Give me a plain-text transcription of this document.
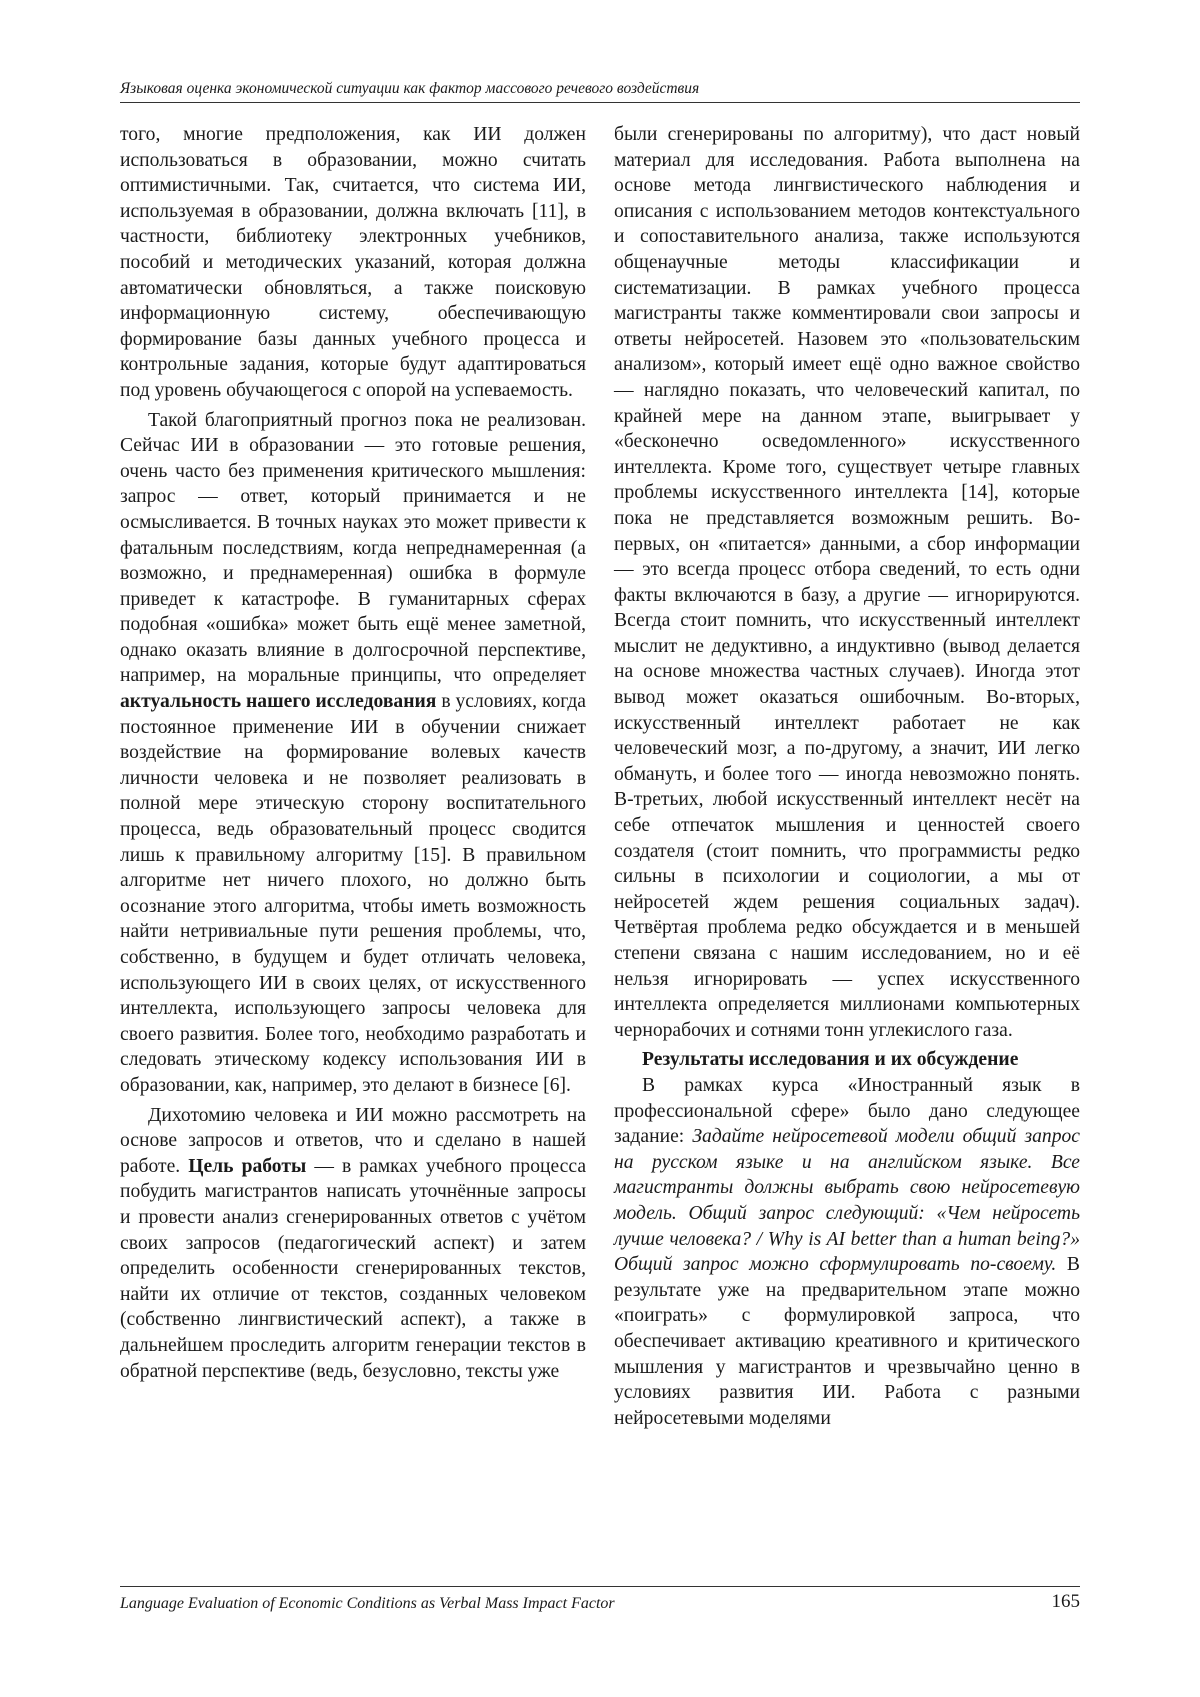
Языковая оценка экономической ситуации как фактор массового речевого воздействия

того, многие предположения, как ИИ должен использоваться в образовании, можно считать оптимистичными. Так, считается, что система ИИ, используемая в образовании, должна включать [11], в частности, библиотеку электронных учебников, пособий и методических указаний, которая должна автоматически обновляться, а также поисковую информационную систему, обеспечивающую формирование базы данных учебного процесса и контрольные задания, которые будут адаптироваться под уровень обучающегося с опорой на успеваемость.

Такой благоприятный прогноз пока не реализован. Сейчас ИИ в образовании — это готовые решения, очень часто без применения критического мышления: запрос — ответ, который принимается и не осмысливается. В точных науках это может привести к фатальным последствиям, когда непреднамеренная (а возможно, и преднамеренная) ошибка в формуле приведет к катастрофе. В гуманитарных сферах подобная «ошибка» может быть ещё менее заметной, однако оказать влияние в долгосрочной перспективе, например, на моральные принципы, что определяет актуальность нашего исследования в условиях, когда постоянное применение ИИ в обучении снижает воздействие на формирование волевых качеств личности человека и не позволяет реализовать в полной мере этическую сторону воспитательного процесса, ведь образовательный процесс сводится лишь к правильному алгоритму [15]. В правильном алгоритме нет ничего плохого, но должно быть осознание этого алгоритма, чтобы иметь возможность найти нетривиальные пути решения проблемы, что, собственно, в будущем и будет отличать человека, использующего ИИ в своих целях, от искусственного интеллекта, использующего запросы человека для своего развития. Более того, необходимо разработать и следовать этическому кодексу использования ИИ в образовании, как, например, это делают в бизнесе [6].

Дихотомию человека и ИИ можно рассмотреть на основе запросов и ответов, что и сделано в нашей работе. Цель работы — в рамках учебного процесса побудить магистрантов написать уточнённые запросы и провести анализ сгенерированных ответов с учётом своих запросов (педагогический аспект) и затем определить особенности сгенерированных текстов, найти их отличие от текстов, созданных человеком (собственно лингвистический аспект), а также в дальнейшем проследить алгоритм генерации текстов в обратной перспективе (ведь, безусловно, тексты уже

были сгенерированы по алгоритму), что даст новый материал для исследования. Работа выполнена на основе метода лингвистического наблюдения и описания с использованием методов контекстуального и сопоставительного анализа, также используются общенаучные методы классификации и систематизации. В рамках учебного процесса магистранты также комментировали свои запросы и ответы нейросетей. Назовем это «пользовательским анализом», который имеет ещё одно важное свойство — наглядно показать, что человеческий капитал, по крайней мере на данном этапе, выигрывает у «бесконечно осведомленного» искусственного интеллекта. Кроме того, существует четыре главных проблемы искусственного интеллекта [14], которые пока не представляется возможным решить. Во-первых, он «питается» данными, а сбор информации — это всегда процесс отбора сведений, то есть одни факты включаются в базу, а другие — игнорируются. Всегда стоит помнить, что искусственный интеллект мыслит не дедуктивно, а индуктивно (вывод делается на основе множества частных случаев). Иногда этот вывод может оказаться ошибочным. Во-вторых, искусственный интеллект работает не как человеческий мозг, а по-другому, а значит, ИИ легко обмануть, и более того — иногда невозможно понять. В-третьих, любой искусственный интеллект несёт на себе отпечаток мышления и ценностей своего создателя (стоит помнить, что программисты редко сильны в психологии и социологии, а мы от нейросетей ждем решения социальных задач). Четвёртая проблема редко обсуждается и в меньшей степени связана с нашим исследованием, но и её нельзя игнорировать — успех искусственного интеллекта определяется миллионами компьютерных чернорабочих и сотнями тонн углекислого газа.

Результаты исследования и их обсуждение

В рамках курса «Иностранный язык в профессиональной сфере» было дано следующее задание: Задайте нейросетевой модели общий запрос на русском языке и на английском языке. Все магистранты должны выбрать свою нейросетевую модель. Общий запрос следующий: «Чем нейросеть лучше человека? / Why is AI better than a human being?» Общий запрос можно сформулировать по-своему. В результате уже на предварительном этапе можно «поиграть» с формулировкой запроса, что обеспечивает активацию креативного и критического мышления у магистрантов и чрезвычайно ценно в условиях развития ИИ. Работа с разными нейросетевыми моделями

Language Evaluation of Economic Conditions as Verbal Mass Impact Factor	165
